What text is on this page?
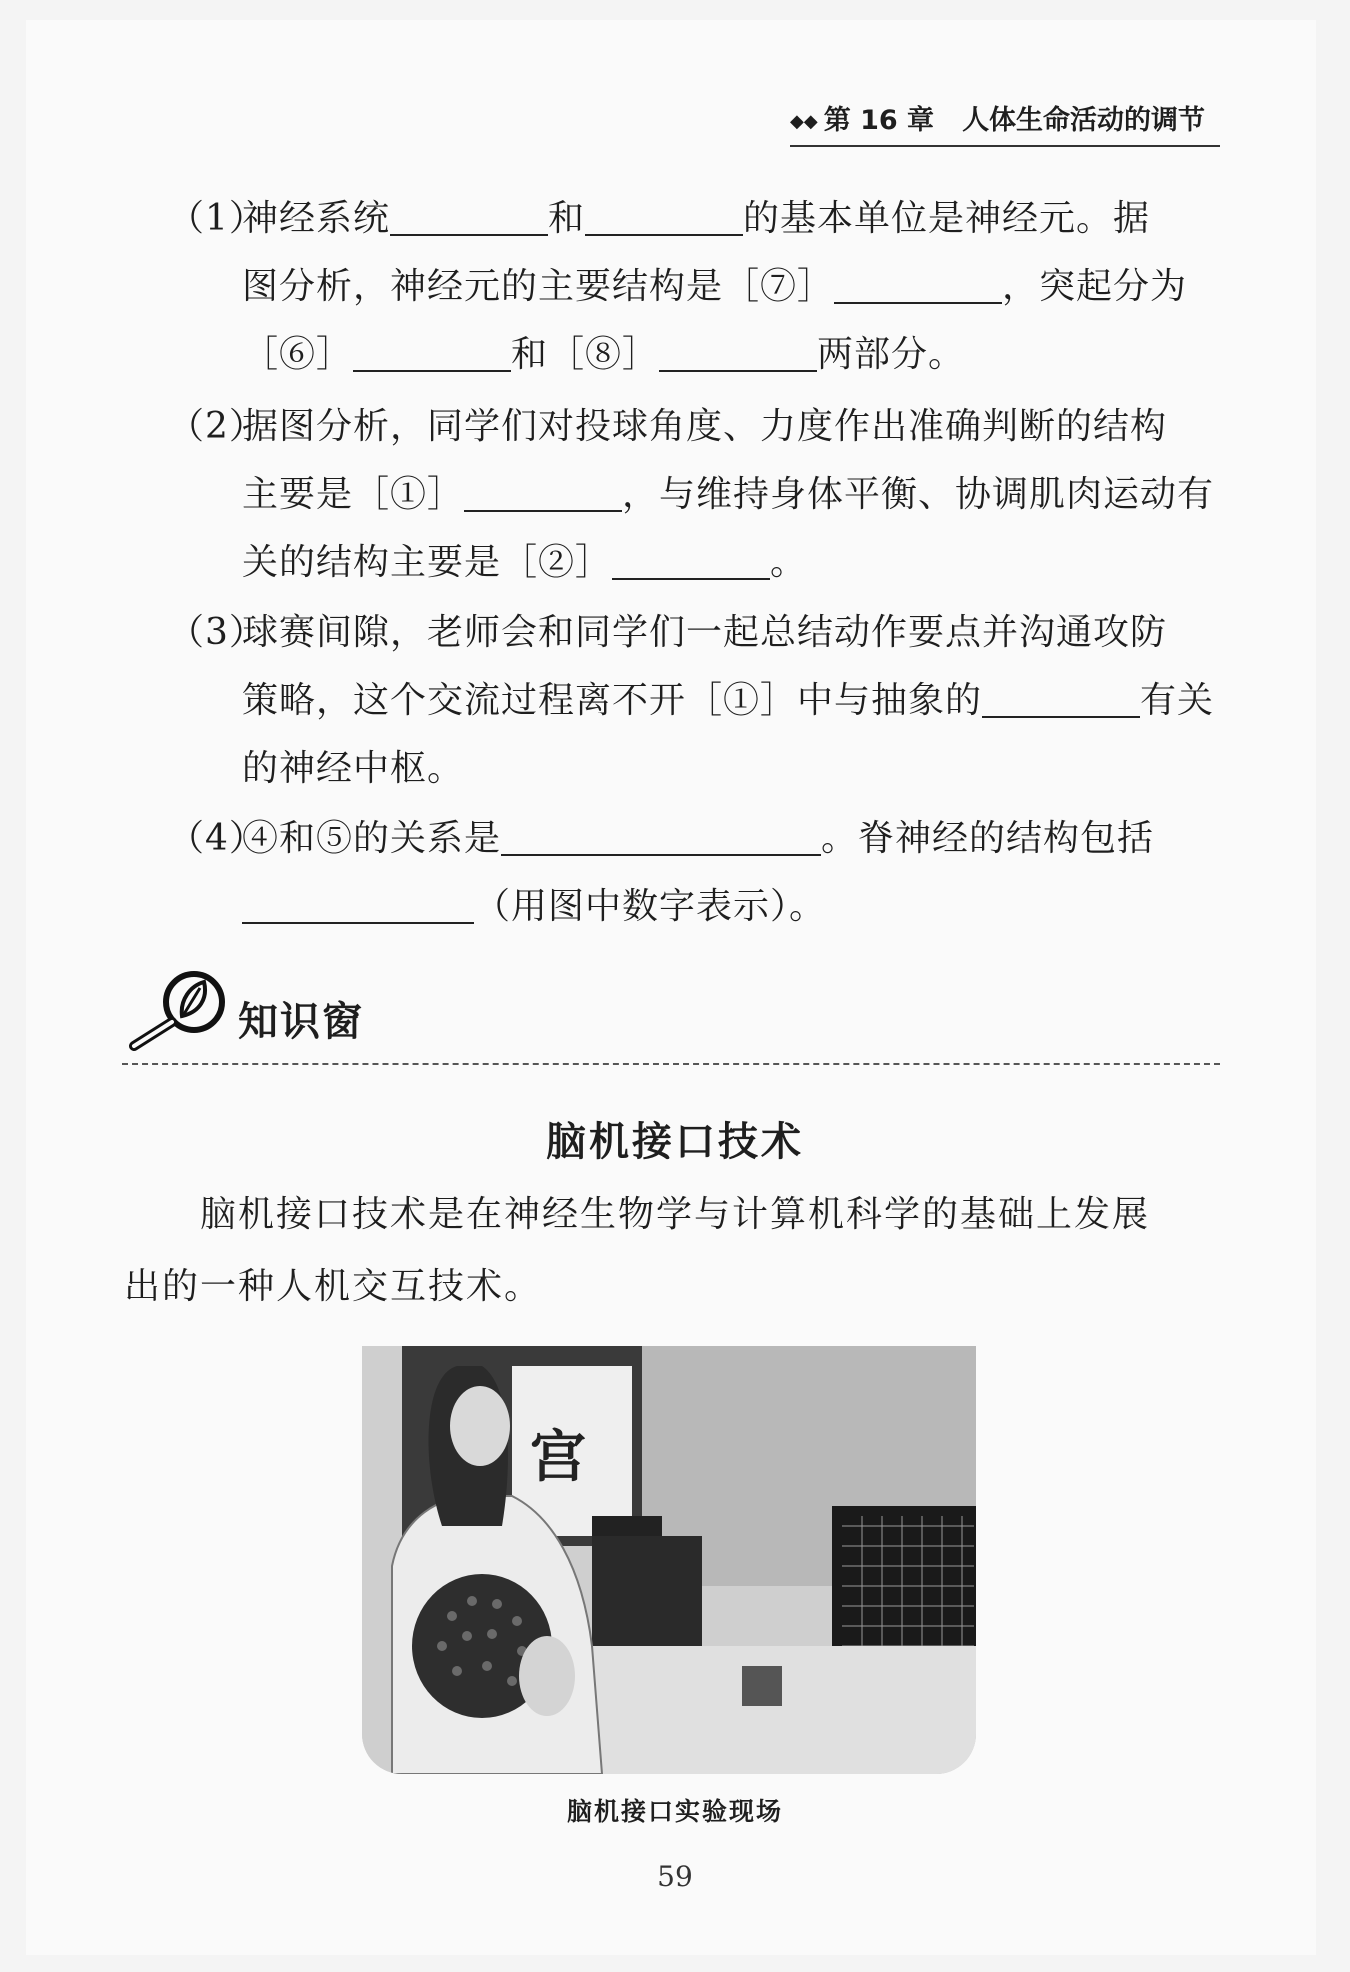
◆◆ 第 16 章 人体生命活动的调节
（1）神经系统	和	的基本单位是神经元。据
图分析，神经元的主要结构是［⑦］	，突起分为
［⑥］	和［⑧］	两部分。
（2）据图分析，同学们对投球角度、力度作出准确判断的结构
主要是［①］	，与维持身体平衡、协调肌肉运动有
关的结构主要是［②］	。
（3）球赛间隙，老师会和同学们一起总结动作要点并沟通攻防
策略，这个交流过程离不开［①］中与抽象的	有关
的神经中枢。
（4）④和⑤的关系是	。脊神经的结构包括
（用图中数字表示）。
知识窗
脑机接口技术
脑机接口技术是在神经生物学与计算机科学的基础上发展
出的一种人机交互技术。
宫
脑机接口实验现场
59
